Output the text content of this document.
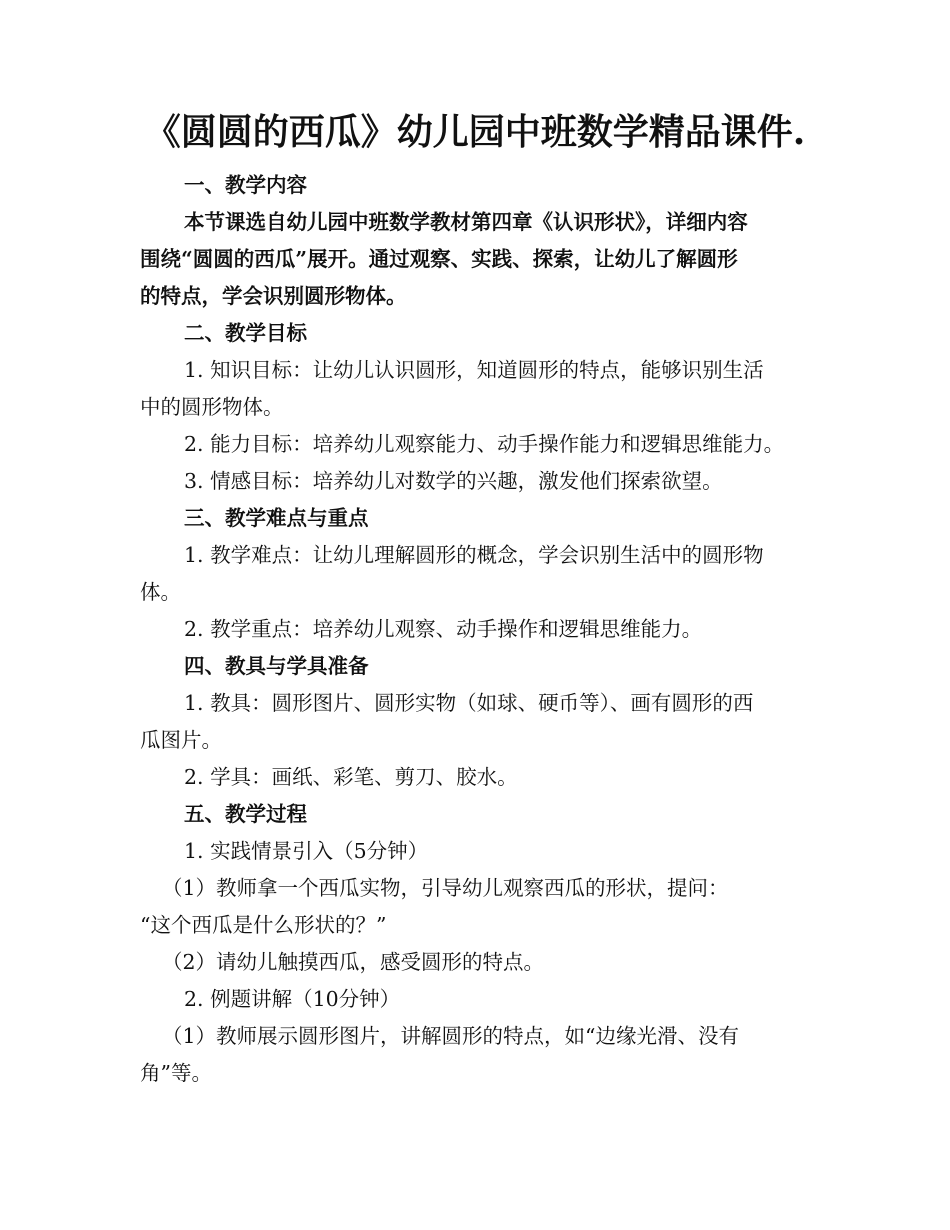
《圆圆的西瓜》幼儿园中班数学精品课件.
一、教学内容
本节课选自幼儿园中班数学教材第四章《认识形状》，详细内容
围绕“圆圆的西瓜”展开。通过观察、实践、探索，让幼儿了解圆形
的特点，学会识别圆形物体。
二、教学目标
1. 知识目标：让幼儿认识圆形，知道圆形的特点，能够识别生活
中的圆形物体。
2. 能力目标：培养幼儿观察能力、动手操作能力和逻辑思维能力。
3. 情感目标：培养幼儿对数学的兴趣，激发他们探索欲望。
三、教学难点与重点
1. 教学难点：让幼儿理解圆形的概念，学会识别生活中的圆形物
体。
2. 教学重点：培养幼儿观察、动手操作和逻辑思维能力。
四、教具与学具准备
1. 教具：圆形图片、圆形实物（如球、硬币等）、画有圆形的西
瓜图片。
2. 学具：画纸、彩笔、剪刀、胶水。
五、教学过程
1. 实践情景引入（5分钟）
（1）教师拿一个西瓜实物，引导幼儿观察西瓜的形状，提问：
“这个西瓜是什么形状的？”
（2）请幼儿触摸西瓜，感受圆形的特点。
2. 例题讲解（10分钟）
（1）教师展示圆形图片，讲解圆形的特点，如“边缘光滑、没有
角”等。
